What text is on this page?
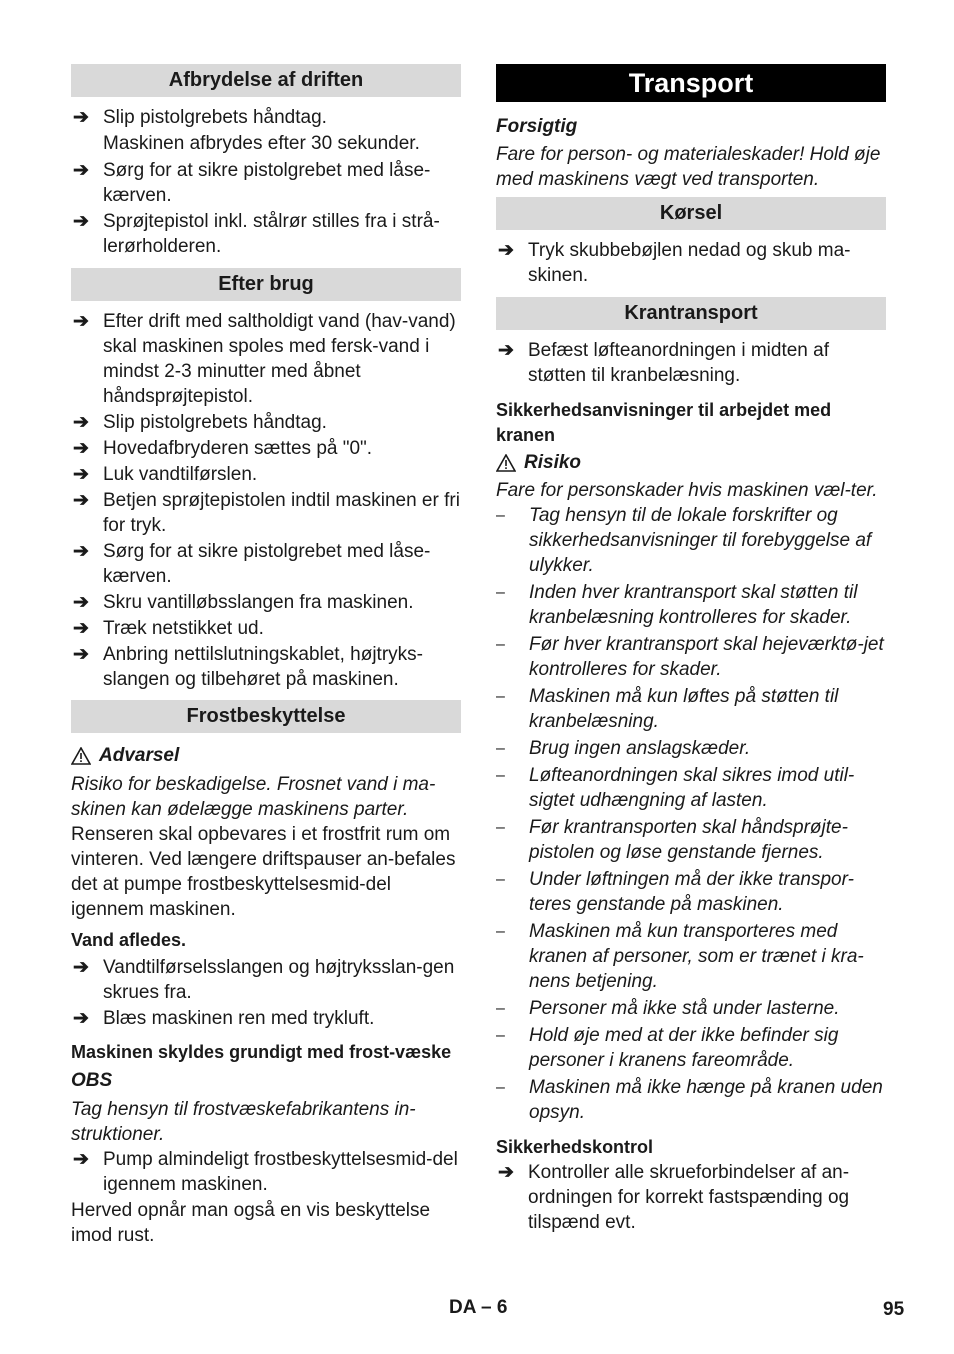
Afbrydelse af driften
➔ Slip pistolgrebets håndtag.

Maskinen afbrydes efter 30 sekunder.

➔ Sørg for at sikre pistolgrebet med låse-kærven.
➔ Sprøjtepistol inkl. stålrør stilles fra i strå-lerørholderen.
Efter brug
➔ Efter drift med saltholdigt vand (hav-vand) skal maskinen spoles med fersk-vand i mindst 2-3 minutter med åbnet håndsprøjtepistol.
➔ Slip pistolgrebets håndtag.
➔ Hovedafbryderen sættes på "0".
➔ Luk vandtilførslen.
➔ Betjen sprøjtepistolen indtil maskinen er fri for tryk.
➔ Sørg for at sikre pistolgrebet med låse-kærven.
➔ Skru vantilløbsslangen fra maskinen.
➔ Træk netstikket ud.
➔ Anbring nettilslutningskablet, højtryks-slangen og tilbehøret på maskinen.
Frostbeskyttelse
Advarsel

Risiko for beskadigelse. Frosnet vand i ma-skinen kan ødelægge maskinens parter.

Renseren skal opbevares i et frostfrit rum om vinteren. Ved længere driftspauser an-befales det at pumpe frostbeskyttelsesmid-del igennem maskinen.

Vand afledes.

➔ Vandtilførselsslangen og højtryksslan-gen skrues fra.
➔ Blæs maskinen ren med trykluft.

Maskinen skyldes grundigt med frost-væske

OBS

Tag hensyn til frostvæskefabrikantens in-struktioner.

➔ Pump almindeligt frostbeskyttelsesmid-del igennem maskinen.

Herved opnår man også en vis beskyttelse imod rust.

Transport

Forsigtig

Fare for person- og materialeskader! Hold øje med maskinens vægt ved transporten.

Kørsel
➔ Tryk skubbebøjlen nedad og skub ma-skinen.
Krantransport
➔ Befæst løfteanordningen i midten af støtten til kranbelæsning.

Sikkerhedsanvisninger til arbejdet med kranen

Risiko

Fare for personskader hvis maskinen væl-ter.

– Tag hensyn til de lokale forskrifter og sikkerhedsanvisninger til forebyggelse af ulykker.
– Inden hver krantransport skal støtten til kranbelæsning kontrolleres for skader.
– Før hver krantransport skal hejeværktø-jet kontrolleres for skader.
– Maskinen må kun løftes på støtten til kranbelæsning.
– Brug ingen anslagskæder.
– Løfteanordningen skal sikres imod util-sigtet udhængning af lasten.
– Før krantransporten skal håndsprøjte-pistolen og løse genstande fjernes.
– Under løftningen må der ikke transpor-teres genstande på maskinen.
– Maskinen må kun transporteres med kranen af personer, som er trænet i kra-nens betjening.
– Personer må ikke stå under lasterne.
– Hold øje med at der ikke befinder sig personer i kranens fareområde.
– Maskinen må ikke hænge på kranen uden opsyn.

Sikkerhedskontrol

➔ Kontroller alle skrueforbindelser af an-ordningen for korrekt fastspænding og tilspænd evt.
DA – 6	95
